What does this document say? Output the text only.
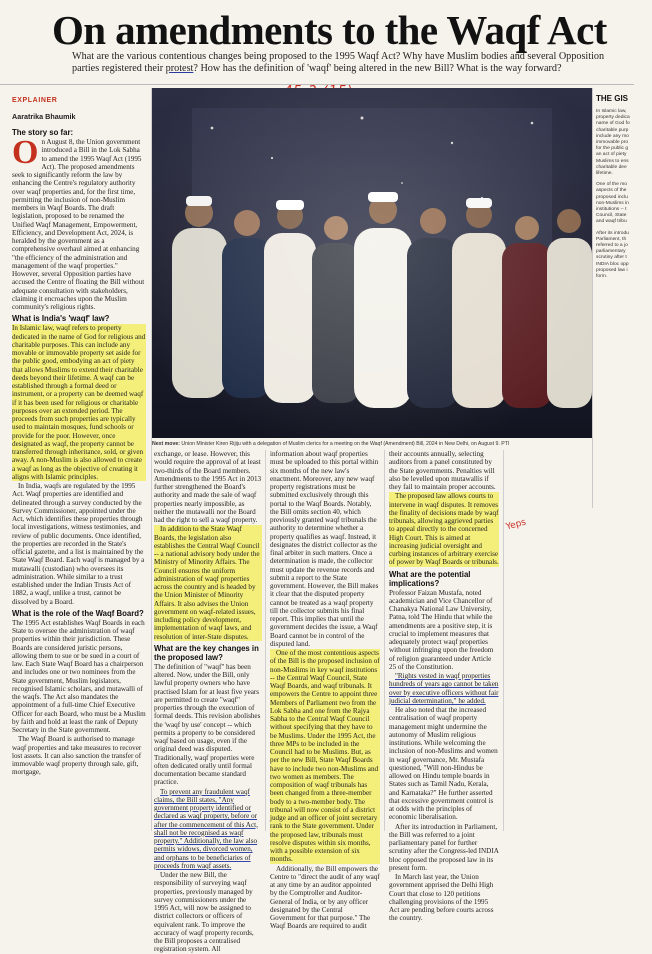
On amendments to the Waqf Act
What are the various contentious changes being proposed to the 1995 Waqf Act? Why have Muslim bodies and several Opposition parties registered their protest? How has the definition of 'waqf' being altered in the new Bill? What is the way forward?
EXPLAINER
Aaratrika Bhaumik
The story so far:

On August 8, the Union government introduced a Bill in the Lok Sabha to amend the 1995 Waqf Act (1995 Act). The proposed amendments seek to significantly reform the law by enhancing the Centre's regulatory authority over waqf properties and, for the first time, permitting the inclusion of non-Muslim members in Waqf Boards. The draft legislation, proposed to be renamed the Unified Waqf Management, Empowerment, Efficiency, and Development Act, 2024, is heralded by the government as a comprehensive overhaul aimed at enhancing "the efficiency of the administration and management of the waqf properties." However, several Opposition parties have accused the Centre of floating the Bill without adequate consultation with stakeholders, claiming it encroaches upon the Muslim community's religious rights.

What is India's 'waqf' law?

In Islamic law, waqf refers to property dedicated in the name of God for religious and charitable purposes. This can include any movable or immovable property set aside for the public good, embodying an act of piety that allows Muslims to extend their charitable deeds beyond their lifetime. A waqf can be established through a formal deed or instrument, or a property can be deemed waqf if it has been used for religious or charitable purposes over an extended period. The proceeds from such properties are typically used to maintain mosques, fund schools or provide for the poor. However, once designated as waqf, the property cannot be transferred through inheritance, sold, or given away. A non-Muslim is also allowed to create a waqf as long as the objective of creating it aligns with Islamic principles.

In India, waqfs are regulated by the 1995 Act. Waqf properties are identified and delineated through a survey conducted by the Survey Commissioner, appointed under the Act, which identifies these properties through local investigations, witness testimonies, and review of public documents. Once identified, the properties are recorded in the State's official gazette, and a list is maintained by the State Waqf Board. Each waqf is managed by a mutawalli (custodian) who oversees its administration. While similar to a trust established under the Indian Trusts Act of 1882, a waqf, unlike a trust, cannot be dissolved by a Board.

What is the role of the Waqf Board?

The 1995 Act establishes Waqf Boards in each State to oversee the administration of waqf properties within their jurisdiction. These Boards are considered juristic persons, allowing them to sue or be sued in a court of law. Each State Waqf Board has a chairperson and includes one or two nominees from the State government, Muslim legislators, recognised Islamic scholars, and mutawalli of the waqfs. The Act also mandates the appointment of a full-time Chief Executive Officer for each Board, who must be a Muslim by faith and hold at least the rank of Deputy Secretary in the State government.

The Waqf Board is authorised to manage waqf properties and take measures to recover lost assets. It can also sanction the transfer of immovable waqf property through sale, gift, mortgage,

Next move: Union Minister Kiren Rijiju with a delegation of Muslim clerics for a meeting on the Waqf (Amendment) Bill, 2024 in New Delhi, on August 9. PTI
THE GIS

In Islamic law,
property dedica
name of God fo
charitable purp
include any mo
immovable pro
for the public g
an act of piety
Muslims to ens
charitable dee
lifetime.

One of the mo
aspects of the
proposed inclu
non-Muslims in
institutions -- t
Council, State
and waqf tribu

After its introdu
Parliament, th
referred to a jo
parliamentary
scrutiny after t
INDIA bloc opp
proposed law i
form.

exchange, or lease. However, this would require the approval of at least two-thirds of the Board members. Amendments to the 1995 Act in 2013 further strengthened the Board's authority and made the sale of waqf properties nearly impossible, as neither the mutawalli nor the Board had the right to sell a waqf property.

In addition to the State Waqf Boards, the legislation also establishes the Central Waqf Council -- a national advisory body under the Ministry of Minority Affairs. The Council ensures the uniform administration of waqf properties across the country and is headed by the Union Minister of Minority Affairs. It also advises the Union government on waqf-related issues, including policy development, implementation of waqf laws, and resolution of inter-State disputes.

What are the key changes in the proposed law?

The definition of "waqf" has been altered. Now, under the Bill, only lawful property owners who have practised Islam for at least five years are permitted to create "waqf" properties through the execution of formal deeds. This revision abolishes the 'waqf by use' concept -- which permits a property to be considered waqf based on usage, even if the original deed was disputed. Traditionally, waqf properties were often dedicated orally until formal documentation became standard practice.

To prevent any fraudulent waqf claims, the Bill states, "Any government property identified or declared as waqf property, before or after the commencement of this Act, shall not be recognised as waqf property." Additionally, the law also permits widows, divorced women, and orphans to be beneficiaries of proceeds from waqf assets.

Under the new Bill, the responsibility of surveying waqf properties, previously managed by survey commissioners under the 1995 Act, will now be assigned to district collectors or officers of equivalent rank. To improve the accuracy of waqf property records, the Bill proposes a centralised registration system. All

information about waqf properties must be uploaded to this portal within six months of the new law's enactment. Moreover, any new waqf property registrations must be submitted exclusively through this portal to the Waqf Boards. Notably, the Bill omits section 40, which previously granted waqf tribunals the authority to determine whether a property qualifies as waqf. Instead, it designates the district collector as the final arbiter in such matters. Once a determination is made, the collector must update the revenue records and submit a report to the State government. However, the Bill makes it clear that the disputed property cannot be treated as a waqf property till the collector submits his final report. This implies that until the government decides the issue, a Waqf Board cannot be in control of the disputed land.

One of the most contentious aspects of the Bill is the proposed inclusion of non-Muslims in key waqf institutions -- the Central Waqf Council, State Waqf Boards, and waqf tribunals. It empowers the Centre to appoint three Members of Parliament two from the Lok Sabha and one from the Rajya Sabha to the Central Waqf Council without specifying that they have to be Muslims. Under the 1995 Act, the three MPs to be included in the Council had to be Muslims. But, as per the new Bill, State Waqf Boards have to include two non-Muslims and two women as members. The composition of waqf tribunals has been changed from a three-member body to a two-member body. The tribunal will now consist of a district judge and an officer of joint secretary rank to the State government. Under the proposed law, tribunals must resolve disputes within six months, with a possible extension of six months.

Additionally, the Bill empowers the Centre to "direct the audit of any waqf at any time by an auditor appointed by the Comptroller and Auditor-General of India, or by any officer designated by the Central Government for that purpose." The Waqf Boards are required to audit

their accounts annually, selecting auditors from a panel constituted by the State governments. Penalties will also be levelled upon mutawallis if they fail to maintain proper accounts.

The proposed law allows courts to intervene in waqf disputes. It removes the finality of decisions made by waqf tribunals, allowing aggrieved parties to appeal directly to the concerned High Court. This is aimed at increasing judicial oversight and curbing instances of arbitrary exercise of power by Waqf Boards or tribunals.

What are the potential implications?

Professor Faizan Mustafa, noted academician and Vice Chancellor of Chanakya National Law University, Patna, told The Hindu that while the amendments are a positive step, it is crucial to implement measures that adequately protect waqf properties without infringing upon the freedom of religion guaranteed under Article 25 of the Constitution.

"Rights vested in waqf properties hundreds of years ago cannot be taken over by executive officers without fair judicial determination," he added.

He also noted that the increased centralisation of waqf property management might undermine the autonomy of Muslim religious institutions. While welcoming the inclusion of non-Muslims and women in waqf governance, Mr. Mustafa questioned, "Will non-Hindus be allowed on Hindu temple boards in States such as Tamil Nadu, Kerala, and Karnataka?" He further asserted that excessive government control is at odds with the principles of economic liberalisation.

After its introduction in Parliament, the Bill was referred to a joint parliamentary panel for further scrutiny after the Congress-led INDIA bloc opposed the proposed law in its present form.

In March last year, the Union government apprised the Delhi High Court that close to 120 petitions challenging provisions of the 1995 Act are pending before courts across the country.

Yeps
